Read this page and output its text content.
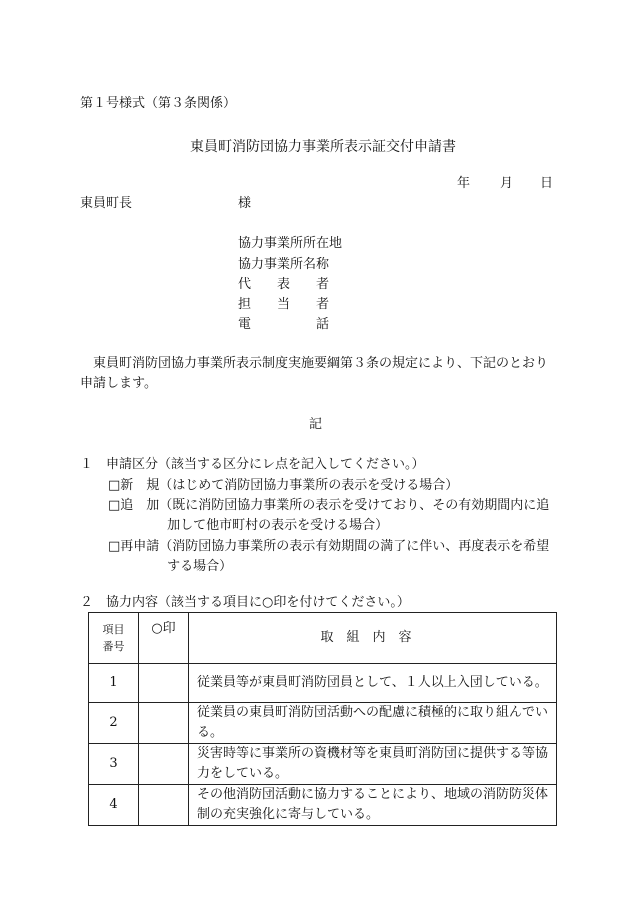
第１号様式（第３条関係）
東員町消防団協力事業所表示証交付申請書
年 月 日
東員町長	様
協力事業所所在地
協力事業所名称
代　　表　　者
担　　当　　者
電　　　　　話
東員町消防団協力事業所表示制度実施要綱第３条の規定により、下記のとおり申請します。
記
１　申請区分（該当する区分にレ点を記入してください。）
□新　規（はじめて消防団協力事業所の表示を受ける場合）
□追　加 （既に消防団協力事業所の表示を受けており、その有効期間内に追加して他市町村の表示を受ける場合）
□再申請 （消防団協力事業所の表示有効期間の満了に伴い、再度表示を希望する場合）
２　協力内容（該当する項目に○印を付けてください。）
項目
番号	○印	取組内容
1		従業員等が東員町消防団員として、１人以上入団している。
2		従業員の東員町消防団活動への配慮に積極的に取り組んでいる。
3		災害時等に事業所の資機材等を東員町消防団に提供する等協力をしている。
4		その他消防団活動に協力することにより、地域の消防防災体制の充実強化に寄与している。
